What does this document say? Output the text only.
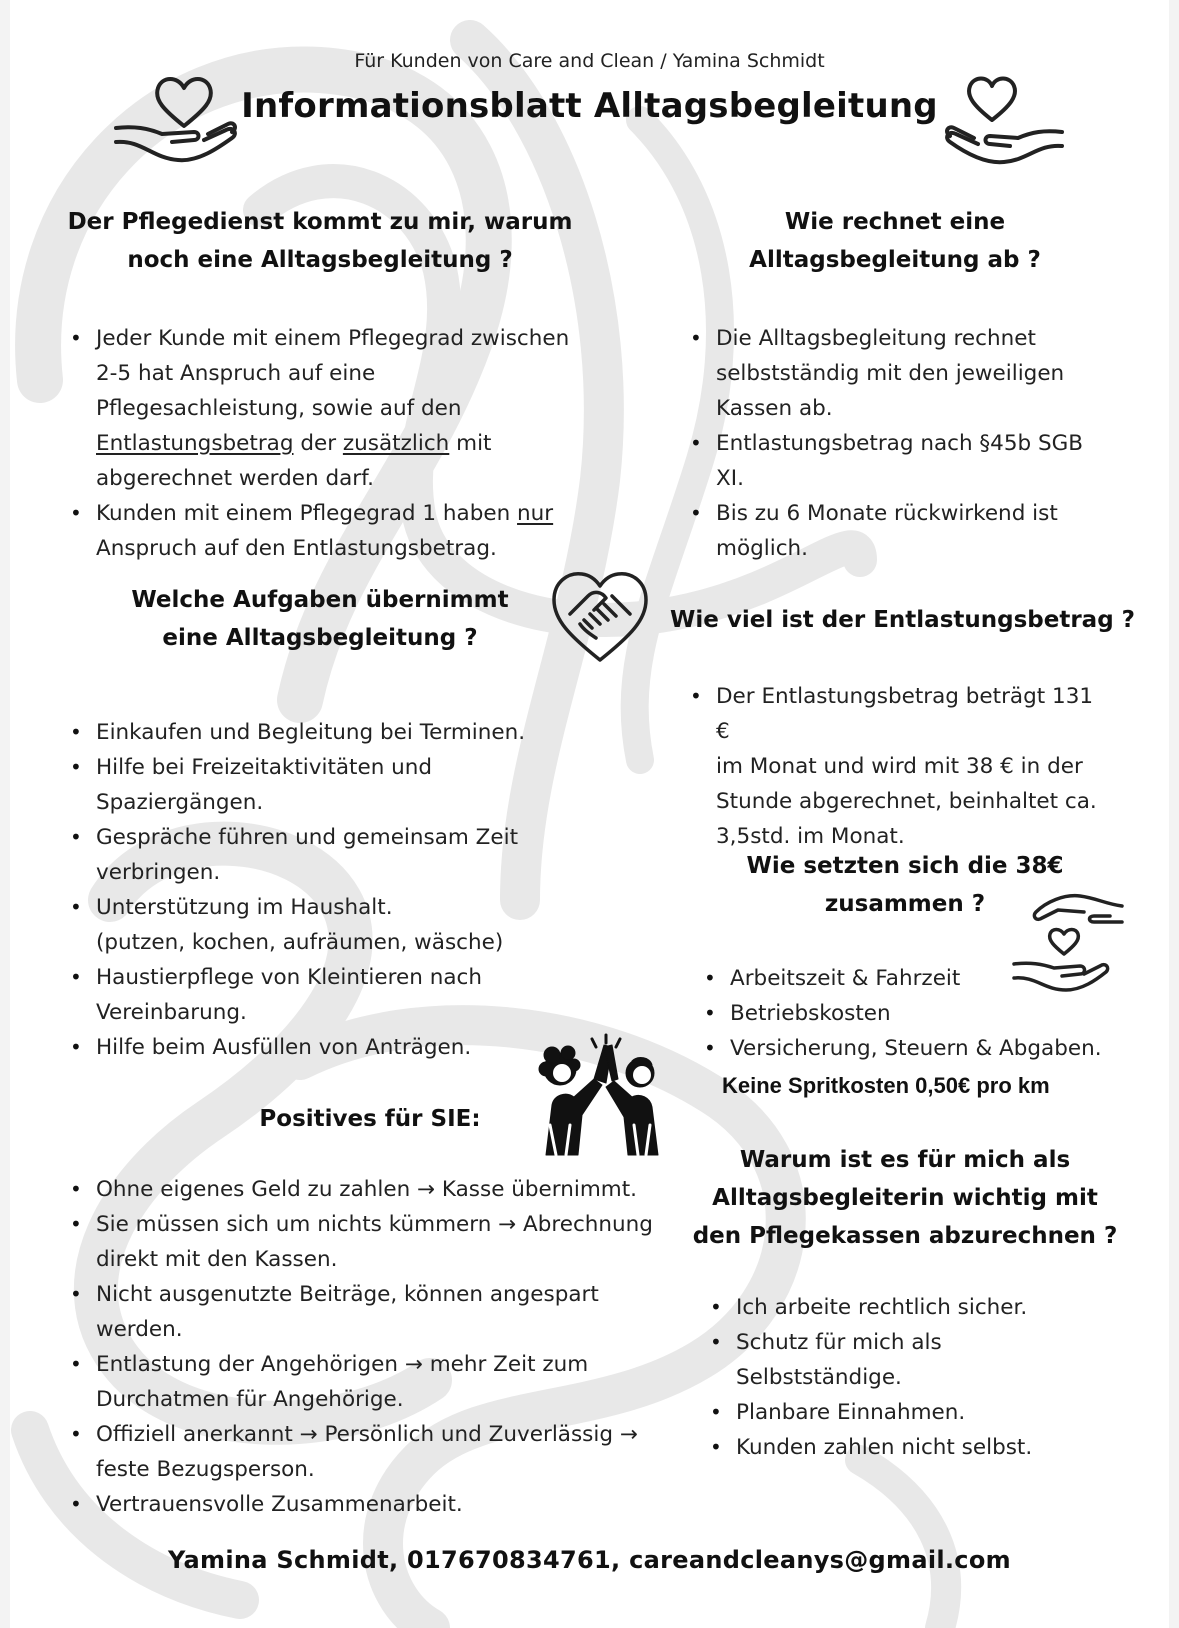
Für Kunden von Care and Clean / Yamina Schmidt
Informationsblatt Alltagsbegleitung
Der Pflegedienst kommt zu mir, warum
noch eine Alltagsbegleitung ?
• Jeder Kunde mit einem Pflegegrad zwischen
2-5 hat Anspruch auf eine
Pflegesachleistung, sowie auf den
Entlastungsbetrag der zusätzlich mit
abgerechnet werden darf.
• Kunden mit einem Pflegegrad 1 haben nur
Anspruch auf den Entlastungsbetrag.
Wie rechnet eine
Alltagsbegleitung ab ?
• Die Alltagsbegleitung rechnet
selbstständig mit den jeweiligen
Kassen ab.
• Entlastungsbetrag nach §45b SGB
XI.
• Bis zu 6 Monate rückwirkend ist
möglich.
Welche Aufgaben übernimmt
eine Alltagsbegleitung ?
• Einkaufen und Begleitung bei Terminen.
• Hilfe bei Freizeitaktivitäten und
Spaziergängen.
• Gespräche führen und gemeinsam Zeit
verbringen.
• Unterstützung im Haushalt.
(putzen, kochen, aufräumen, wäsche)
• Haustierpflege von Kleintieren nach
Vereinbarung.
• Hilfe beim Ausfüllen von Anträgen.
Wie viel ist der Entlastungsbetrag ?
• Der Entlastungsbetrag beträgt 131 €
im Monat und wird mit 38 € in der
Stunde abgerechnet, beinhaltet ca.
3,5std. im Monat.
Wie setzten sich die 38€
zusammen ?
• Arbeitszeit & Fahrzeit
• Betriebskosten
• Versicherung, Steuern & Abgaben.
Keine Spritkosten 0,50€ pro km
Positives für SIE:
• Ohne eigenes Geld zu zahlen → Kasse übernimmt.
• Sie müssen sich um nichts kümmern → Abrechnung
direkt mit den Kassen.
• Nicht ausgenutzte Beiträge, können angespart
werden.
• Entlastung der Angehörigen → mehr Zeit zum
Durchatmen für Angehörige.
• Offiziell anerkannt → Persönlich und Zuverlässig →
feste Bezugsperson.
• Vertrauensvolle Zusammenarbeit.
Warum ist es für mich als
Alltagsbegleiterin wichtig mit
den Pflegekassen abzurechnen ?
• Ich arbeite rechtlich sicher.
• Schutz für mich als
Selbstständige.
• Planbare Einnahmen.
• Kunden zahlen nicht selbst.
Yamina Schmidt, 017670834761, careandcleanys@gmail.com
